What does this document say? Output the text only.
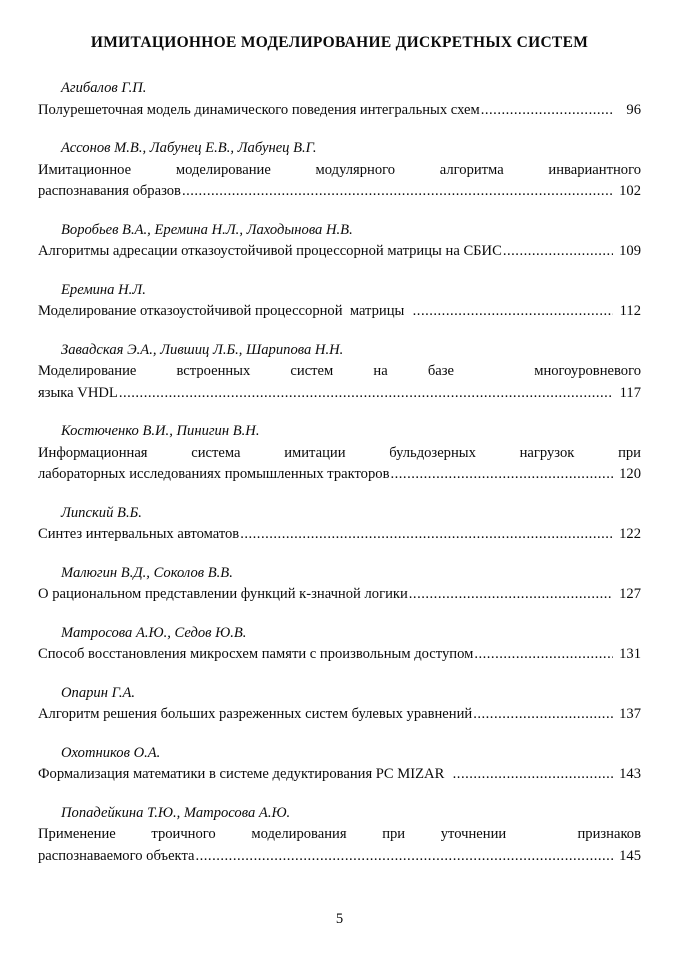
ИМИТАЦИОННОЕ МОДЕЛИРОВАНИЕ ДИСКРЕТНЫХ СИСТЕМ
Агибалов Г.П.
Полурешеточная модель динамического поведения интегральных схем .....	96
Ассонов М.В., Лабунец Е.В., Лабунец В.Г.
Имитационное моделирование модулярного алгоритма инвариантного
распознавания образов .....	102
Воробьев В.А., Еремина Н.Л., Лаходынова Н.В.
Алгоритмы адресации отказоустойчивой процессорной матрицы на СБИС .....	109
Еремина Н.Л.
Моделирование отказоустойчивой процессорной  матрицы .....	112
Завадская Э.А., Лившиц Л.Б., Шарипова Н.Н.
Моделирование встроенных систем на базе  многоуровневого
языка VHDL .....	117
Костюченко В.И., Пинигин В.Н.
Информационная система имитации бульдозерных нагрузок при
лабораторных исследованиях промышленных тракторов .....	120
Липский В.Б.
Синтез интервальных автоматов .....	122
Малюгин В.Д., Соколов В.В.
О рациональном представлении функций к-значной логики .....	127
Матросова А.Ю., Седов Ю.В.
Способ восстановления микросхем памяти с произвольным доступом .....	131
Опарин Г.А.
Алгоритм решения больших разреженных систем булевых уравнений .....	137
Охотников О.А.
Формализация математики в системе дедуктирования PC MIZAR .....	143
Попадейкина Т.Ю., Матросова А.Ю.
Применение троичного моделирования при уточнении  признаков
распознаваемого объекта .....	145
5
